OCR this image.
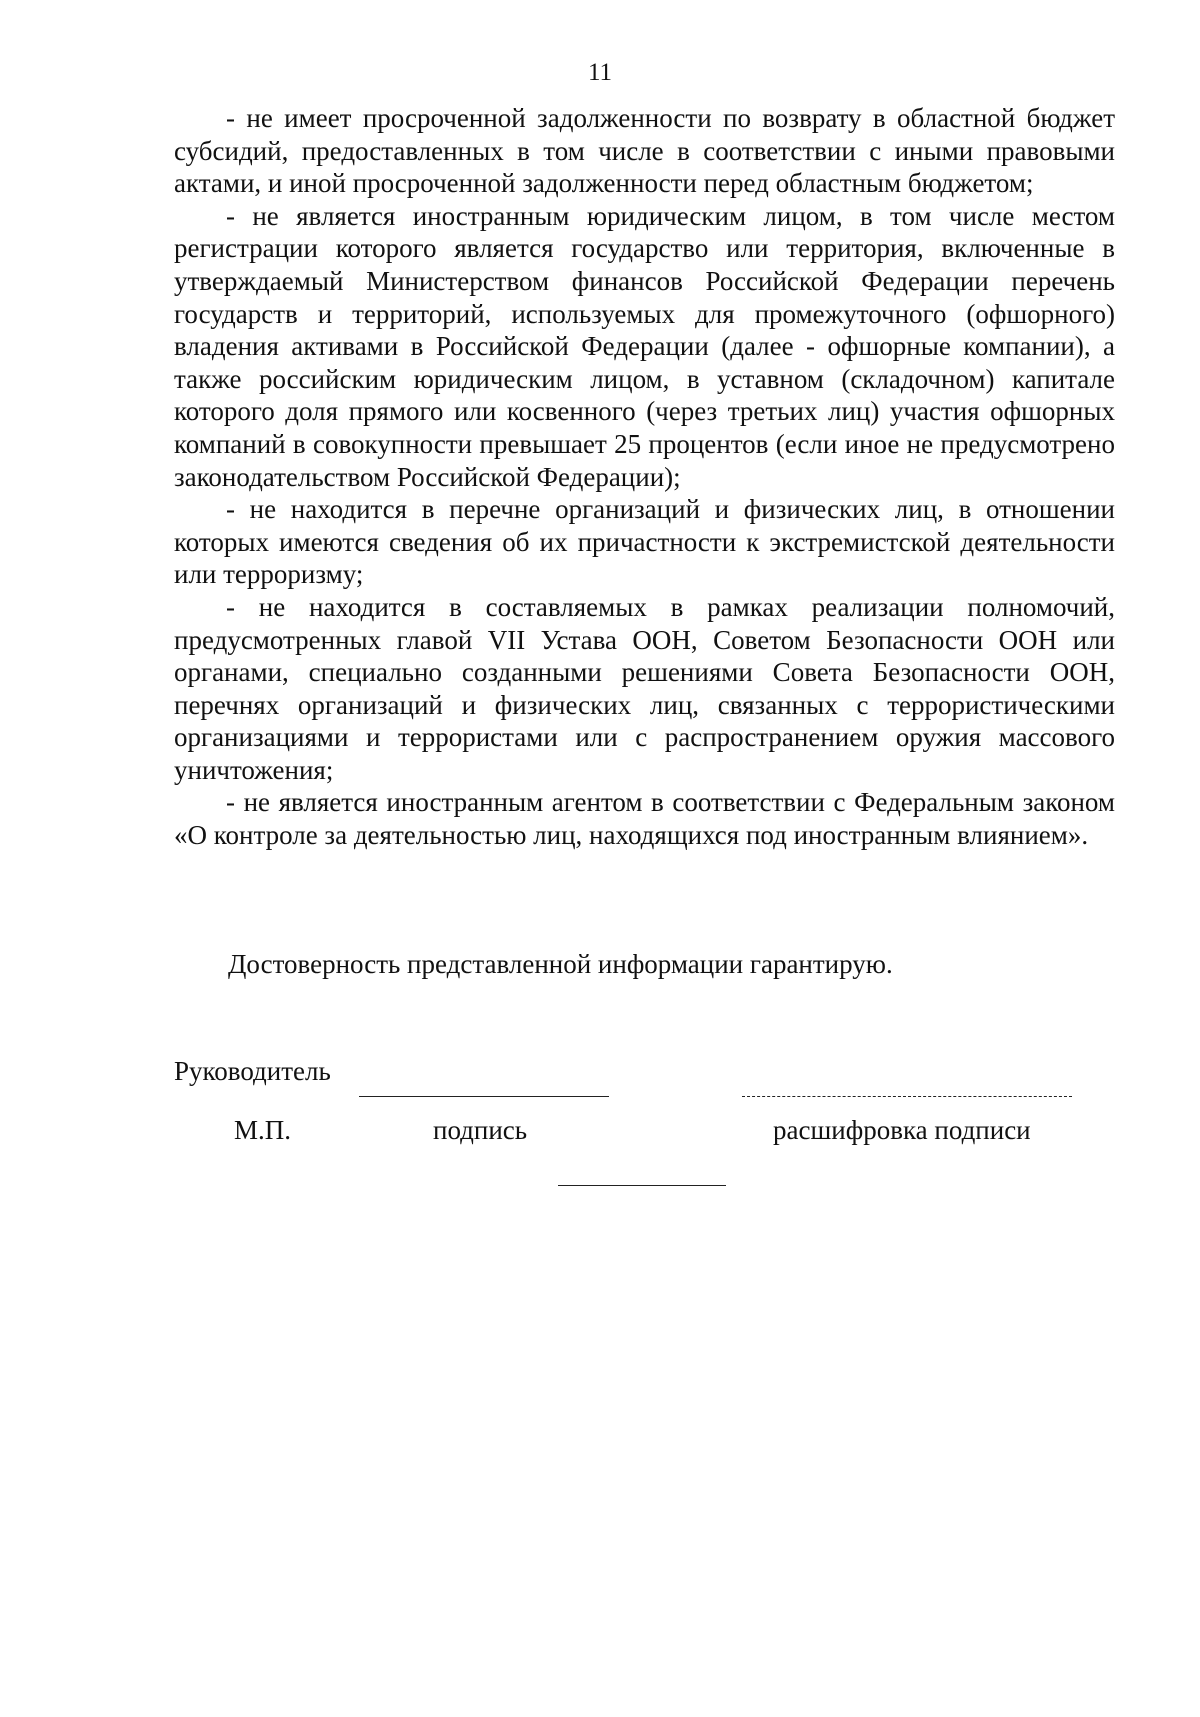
11

- не имеет просроченной задолженности по возврату в областной бюджет субсидий, предоставленных в том числе в соответствии с иными правовыми актами, и иной просроченной задолженности перед областным бюджетом;

- не является иностранным юридическим лицом, в том числе местом регистрации которого является государство или территория, включенные в утверждаемый Министерством финансов Российской Федерации перечень государств и территорий, используемых для промежуточного (офшорного) владения активами в Российской Федерации (далее - офшорные компании), а также российским юридическим лицом, в уставном (складочном) капитале которого доля прямого или косвенного (через третьих лиц) участия офшорных компаний в совокупности превышает 25 процентов (если иное не предусмотрено законодательством Российской Федерации);

- не находится в перечне организаций и физических лиц, в отношении которых имеются сведения об их причастности к экстремистской деятельности или терроризму;

- не находится в составляемых в рамках реализации полномочий, предусмотренных главой VII Устава ООН, Советом Безопасности ООН или органами, специально созданными решениями Совета Безопасности ООН, перечнях организаций и физических лиц, связанных с террористическими организациями и террористами или с распространением оружия массового уничтожения;

- не является иностранным агентом в соответствии с Федеральным законом «О контроле за деятельностью лиц, находящихся под иностранным влиянием».

Достоверность представленной информации гарантирую.
Руководитель
М.П.	подпись	расшифровка подписи
